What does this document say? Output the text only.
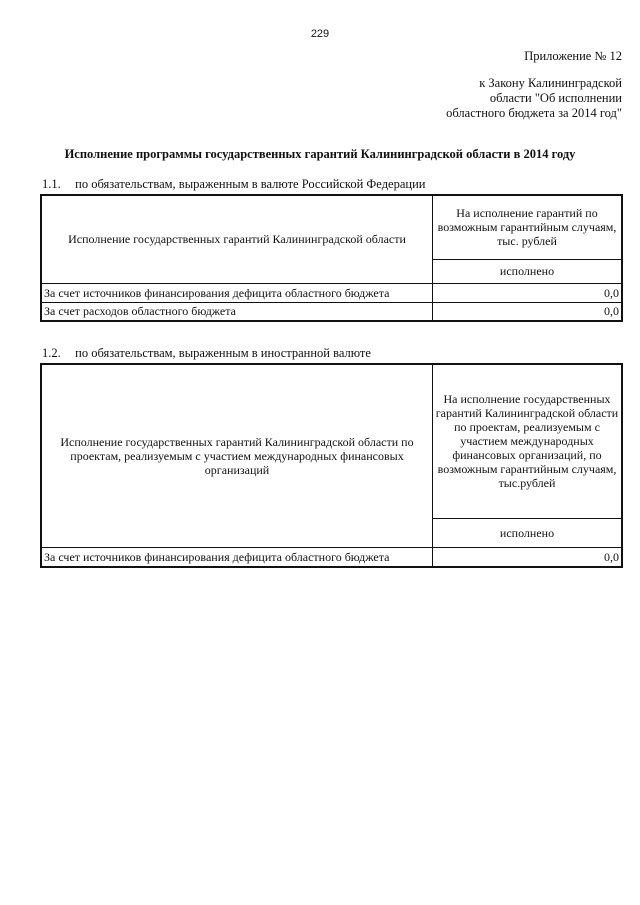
229
Приложение № 12
к Закону Калининградской
области "Об исполнении
областного бюджета за 2014 год"
Исполнение программы государственных гарантий Калининградской области в 2014 году
1.1. по обязательствам, выраженным в валюте Российской Федерации
Исполнение государственных гарантий Калининградской области	На исполнение гарантий по возможным гарантийным случаям, тыс. рублей
	исполнено
За счет источников финансирования дефицита областного бюджета	0,0
За счет расходов областного бюджета	0,0
1.2. по обязательствам, выраженным в иностранной валюте
Исполнение государственных гарантий Калининградской области по проектам, реализуемым с участием международных финансовых организаций	На исполнение государственных гарантий Калининградской области по проектам, реализуемым с участием международных финансовых организаций, по возможным гарантийным случаям, тыс.рублей
	исполнено
За счет источников финансирования дефицита областного бюджета	0,0
